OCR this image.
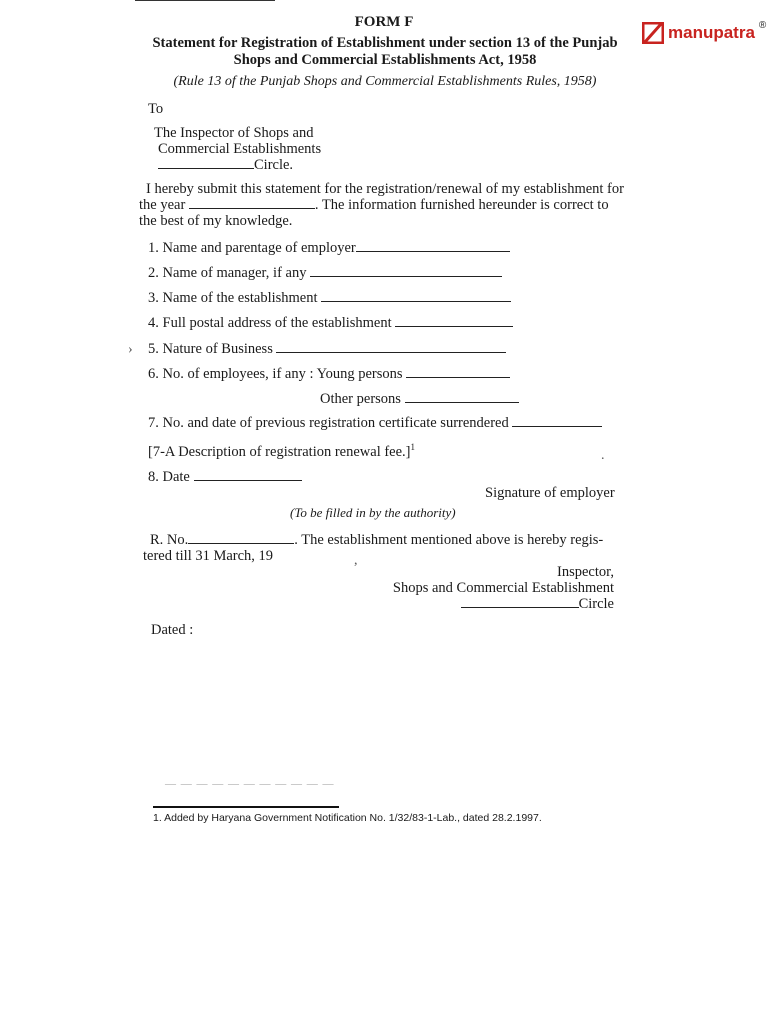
manupatra ®
FORM F
Statement for Registration of Establishment under section 13 of the Punjab
Shops and Commercial Establishments Act, 1958
(Rule 13 of the Punjab Shops and Commercial Establishments Rules, 1958)
To
The Inspector of Shops and
Commercial Establishments
Circle.
I hereby submit this statement for the registration/renewal of my establishment for
the year	. The information furnished hereunder is correct to
the best of my knowledge.
1. Name and parentage of employer
2. Name of manager, if any
3. Name of the establishment
4. Full postal address of the establishment
› 5. Nature of Business
6. No. of employees, if any : Young persons
Other persons
7. No. and date of previous registration certificate surrendered
[7-A Description of registration renewal fee.]$^1$
.
8. Date
Signature of employer
(To be filled in by the authority)
R. No.	. The establishment mentioned above is hereby regis-
tered till 31 March, 19	,
Inspector,
Shops and Commercial Establishment
Circle
Dated :
— — — — — — — — — — —
1. Added by Haryana Government Notification No. 1/32/83-1-Lab., dated 28.2.1997.
